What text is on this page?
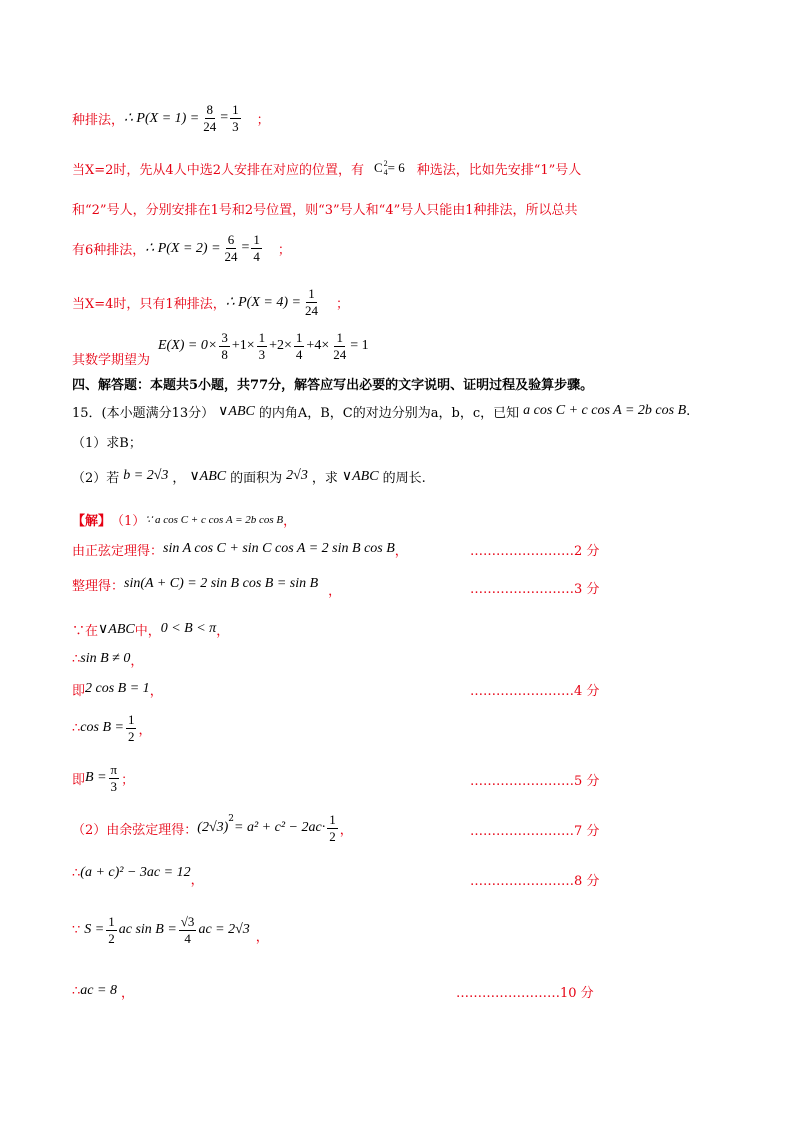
种排法， ∴ $P(X = 1) = \frac{8}{24} = \frac{1}{3}$ ；
当X=2时，先从4人中选2人安排在对应的位置，有 C 2
4 = 6 种选法，比如先安排“1”号人
和“2”号人，分别安排在1号和2号位置，则“3”号人和“4”号人只能由1种排法，所以总共
有6种排法， ∴ $P(X = 2) = \frac{6}{24} = \frac{1}{4}$ ；
当X=4时，只有1种排法， ∴ $P(X = 4) = \frac{1}{24}$ ；
$E(X) = 0\times \frac{3}{8} +1\times \frac{1}{3} +2\times \frac{1}{4} +4\times \frac{1}{24} = 1$
其数学期望为
四、解答题：本题共5小题，共77分，解答应写出必要的文字说明、证明过程及验算步骤。
15．(本小题满分13分） ∨ABC 的内角A，B，C的对边分别为a，b，c，已知 a cos C + c cos A = 2b cos B .
（1）求B；
（2）若 b = 2√3 ， ∨ABC 的面积为 2√3 ，求 ∨ABC 的周长.
【解】 （1） ∵ a cos C + c cos A = 2b cos B ，
由正弦定理得： sin A cos C + sin C cos A = 2 sin B cos B ，	……………………2 分
整理得： sin(A + C) = 2 sin B cos B = sin B ，	……………………3 分
∵在 ∨ABC 中， 0 < B < π ，
∴ sin B ≠ 0 ，
即 2 cos B = 1 ，	……………………4 分
∴ $\cos B = \frac{1}{2}$ ，
即 $B = \frac{\pi}{3}$ ；	……………………5 分
（2）由余弦定理得： (2√3)
$^2$
= $a^2 + c^2 - 2ac\cdot \frac{1}{2}$ ，	……………………7 分
∴ (a + c)² − 3ac = 12 ，	……………………8 分
∵ $S = \frac{1}{2}$ ac $\sin B = \frac{√3}{4}$ ac = 2√3 ，
∴ ac = 8 ，	……………………10 分
